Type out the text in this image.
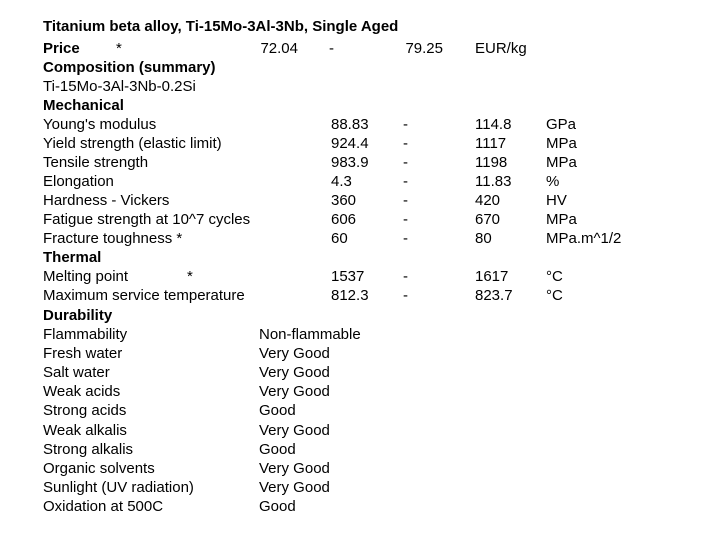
Titanium beta alloy, Ti-15Mo-3Al-3Nb, Single Aged
Price *	72.04 -	79.25 EUR/kg
Composition (summary)
Ti-15Mo-3Al-3Nb-0.2Si
Mechanical
Young's modulus	88.83 -	114.8 GPa
Yield strength (elastic limit)	924.4 -	1117	MPa
Tensile strength	983.9 -	1198	MPa
Elongation	4.3	-	11.83 %
Hardness - Vickers	360	-	420	HV
Fatigue strength at 10^7 cycles	606	-	670	MPa
Fracture toughness *	60	-	80	MPa.m^1/2
Thermal
Melting point	*	1537	-	1617	°C
Maximum service temperature	812.3 -	823.7 °C
Durability
Flammability	Non-flammable
Fresh water	Very Good
Salt water	Very Good
Weak acids	Very Good
Strong acids	Good
Weak alkalis	Very Good
Strong alkalis	Good
Organic solvents	Very Good
Sunlight (UV radiation)	Very Good
Oxidation at 500C	Good
